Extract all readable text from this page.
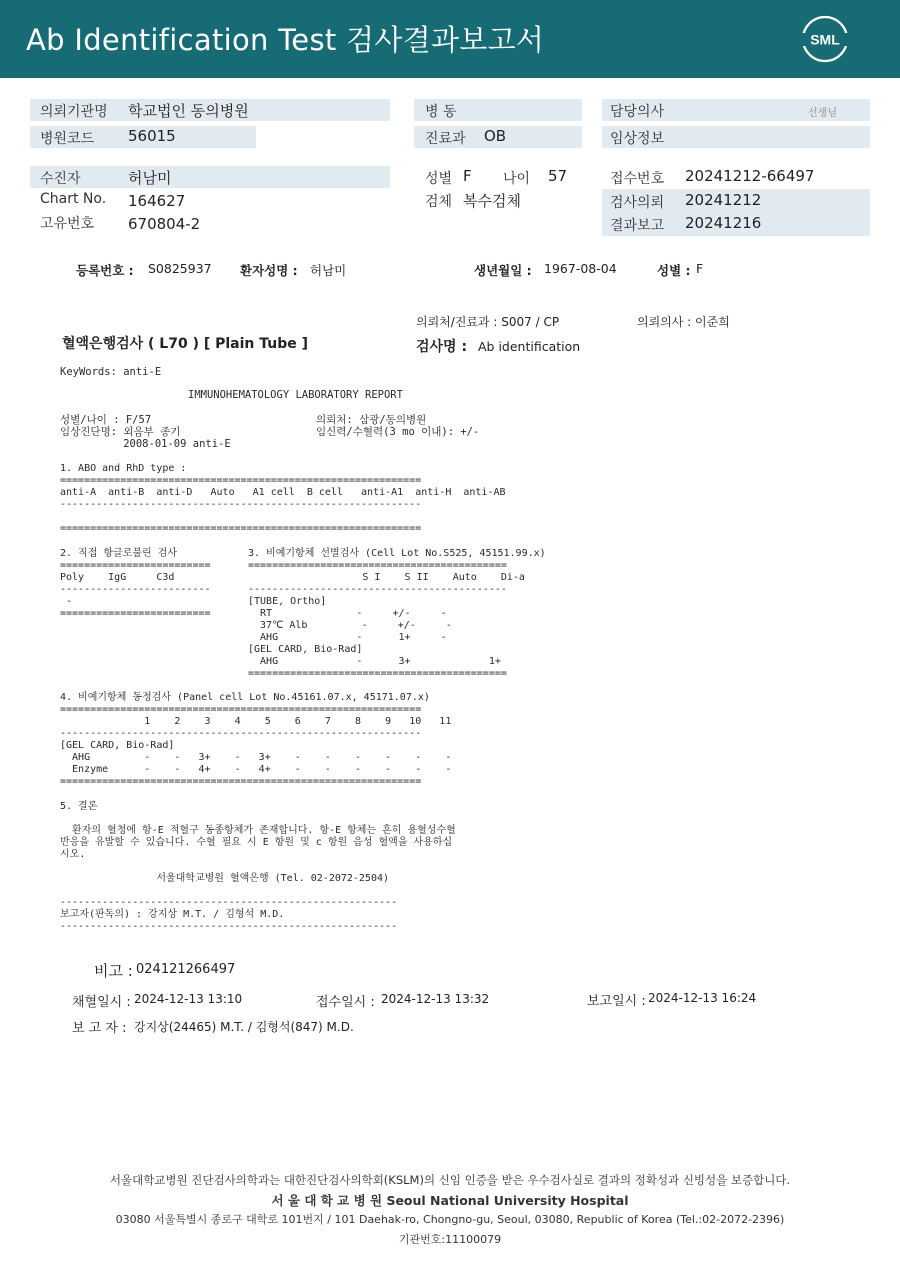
Ab Identification Test 검사결과보고서	SML
의뢰기관명 학교법인 동의병원
병원코드 56015
병 동
진료과 OB
담당의사	선생님
임상정보
수진자	허남미
Chart No. 164627
고유번호 670804-2
성별 F 나이 57
검체 복수검체
접수번호 20241212-66497
검사의뢰 20241212
결과보고 20241216
등록번호 : S0825937 환자성명 : 허남미	생년월일 : 1967-08-04	성별 : F
의뢰처/진료과 : S007 / CP	의뢰의사 : 이준희
혈액은행검사 ( L70 ) [ Plain Tube ]	검사명 : Ab identification
KeyWords: anti-E
IMMUNOHEMATOLOGY LABORATORY REPORT
성별/나이 : F/57
임상진단명: 외음부 종기
2008-01-09 anti-E
의뢰처: 삼광/동의병원
임신력/수혈력(3 mo 이내): +/-
1. ABO and RhD type :
============================================================
anti-A  anti-B  anti-D   Auto   A1 cell  B cell   anti-A1  anti-H  anti-AB
------------------------------------------------------------

============================================================
2. 직접 항글로불린 검사
=========================
Poly    IgG     C3d
-------------------------
-
=========================
3. 비예기항체 선별검사 (Cell Lot No.S525, 45151.99.x)
===========================================
S I    S II    Auto    Di-a
-------------------------------------------
[TUBE, Ortho]
RT              -     +/-     -
37℃ Alb         -     +/-     -
AHG             -      1+     -
[GEL CARD, Bio-Rad]
AHG             -      3+             1+
===========================================
4. 비예기항체 동정검사 (Panel cell Lot No.45161.07.x, 45171.07.x)
============================================================
1    2    3    4    5    6    7    8    9   10   11
------------------------------------------------------------
[GEL CARD, Bio-Rad]
AHG         -    -   3+    -   3+    -    -    -    -    -    -
Enzyme      -    -   4+    -   4+    -    -    -    -    -    -
============================================================
5. 결론

환자의 혈청에 항-E 적혈구 동종항체가 존재합니다. 항-E 항체는 흔히 용혈성수혈
반응을 유발할 수 있습니다. 수혈 필요 시 E 항원 및 c 항원 음성 혈액을 사용하십
시오.

서울대학교병원 혈액은행 (Tel. 02-2072-2504)

--------------------------------------------------------
보고자(판독의) : 강지상 M.T. / 김형석 M.D.
--------------------------------------------------------
비고 : 024121266497
채혈일시 : 2024-12-13 13:10	접수일시 : 2024-12-13 13:32	보고일시 : 2024-12-13 16:24
보 고 자 : 강지상(24465) M.T. / 김형석(847) M.D.
서울대학교병원 진단검사의학과는 대한진단검사의학회(KSLM)의 신임 인증을 받은 우수검사실로 결과의 정확성과 신빙성을 보증합니다.
서 울 대 학 교 병 원 Seoul National University Hospital
03080 서울특별시 종로구 대학로 101번지 / 101 Daehak-ro, Chongno-gu, Seoul, 03080, Republic of Korea (Tel.:02-2072-2396)
기관번호:11100079
